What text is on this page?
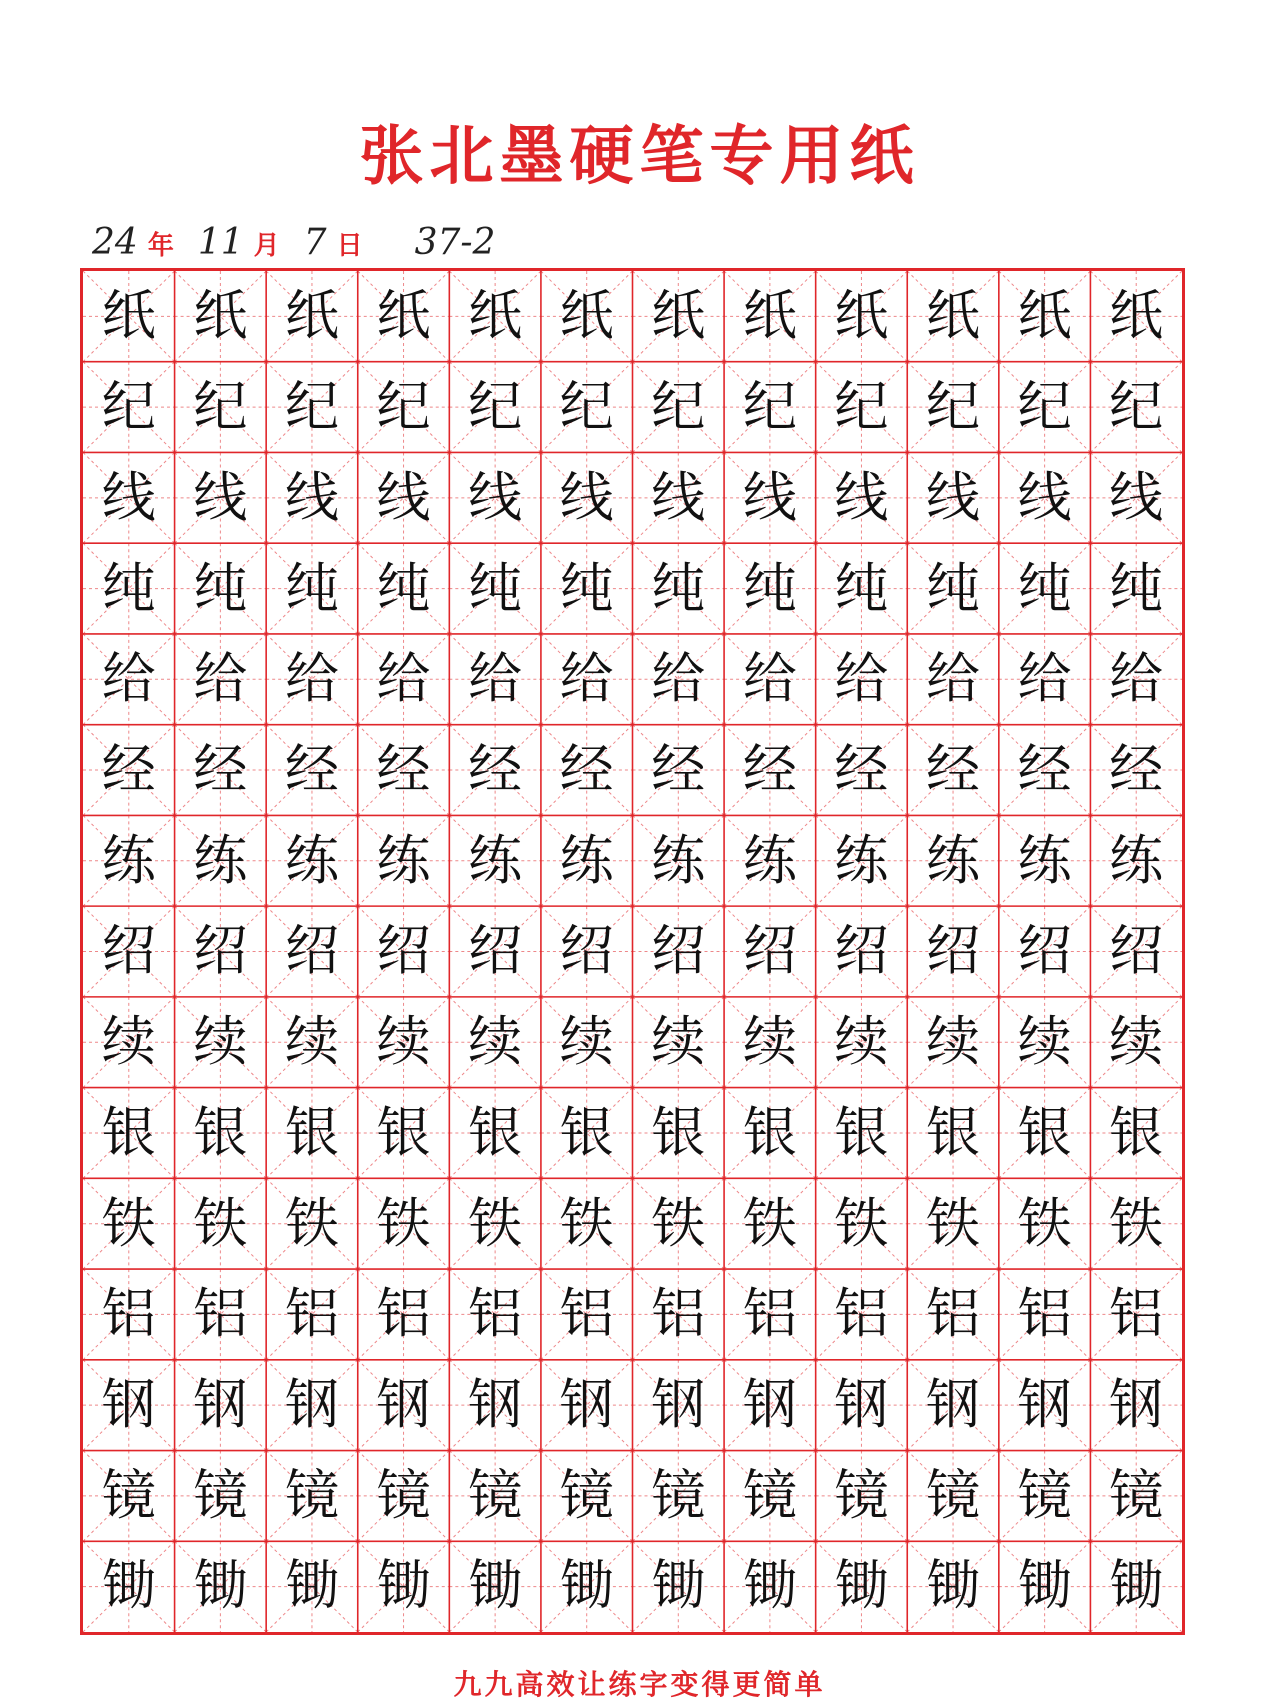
张北墨硬笔专用纸
24 年 11 月 7 日 37-2
纸 纸 纸 纸 纸 纸 纸 纸 纸 纸 纸 纸
纪 纪 纪 纪 纪 纪 纪 纪 纪 纪 纪 纪
线 线 线 线 线 线 线 线 线 线 线 线
纯 纯 纯 纯 纯 纯 纯 纯 纯 纯 纯 纯
给 给 给 给 给 给 给 给 给 给 给 给
经 经 经 经 经 经 经 经 经 经 经 经
练 练 练 练 练 练 练 练 练 练 练 练
绍 绍 绍 绍 绍 绍 绍 绍 绍 绍 绍 绍
续 续 续 续 续 续 续 续 续 续 续 续
银 银 银 银 银 银 银 银 银 银 银 银
铁 铁 铁 铁 铁 铁 铁 铁 铁 铁 铁 铁
铝 铝 铝 铝 铝 铝 铝 铝 铝 铝 铝 铝
钢 钢 钢 钢 钢 钢 钢 钢 钢 钢 钢 钢
镜 镜 镜 镜 镜 镜 镜 镜 镜 镜 镜 镜
锄 锄 锄 锄 锄 锄 锄 锄 锄 锄 锄 锄
九九高效让练字变得更简单
